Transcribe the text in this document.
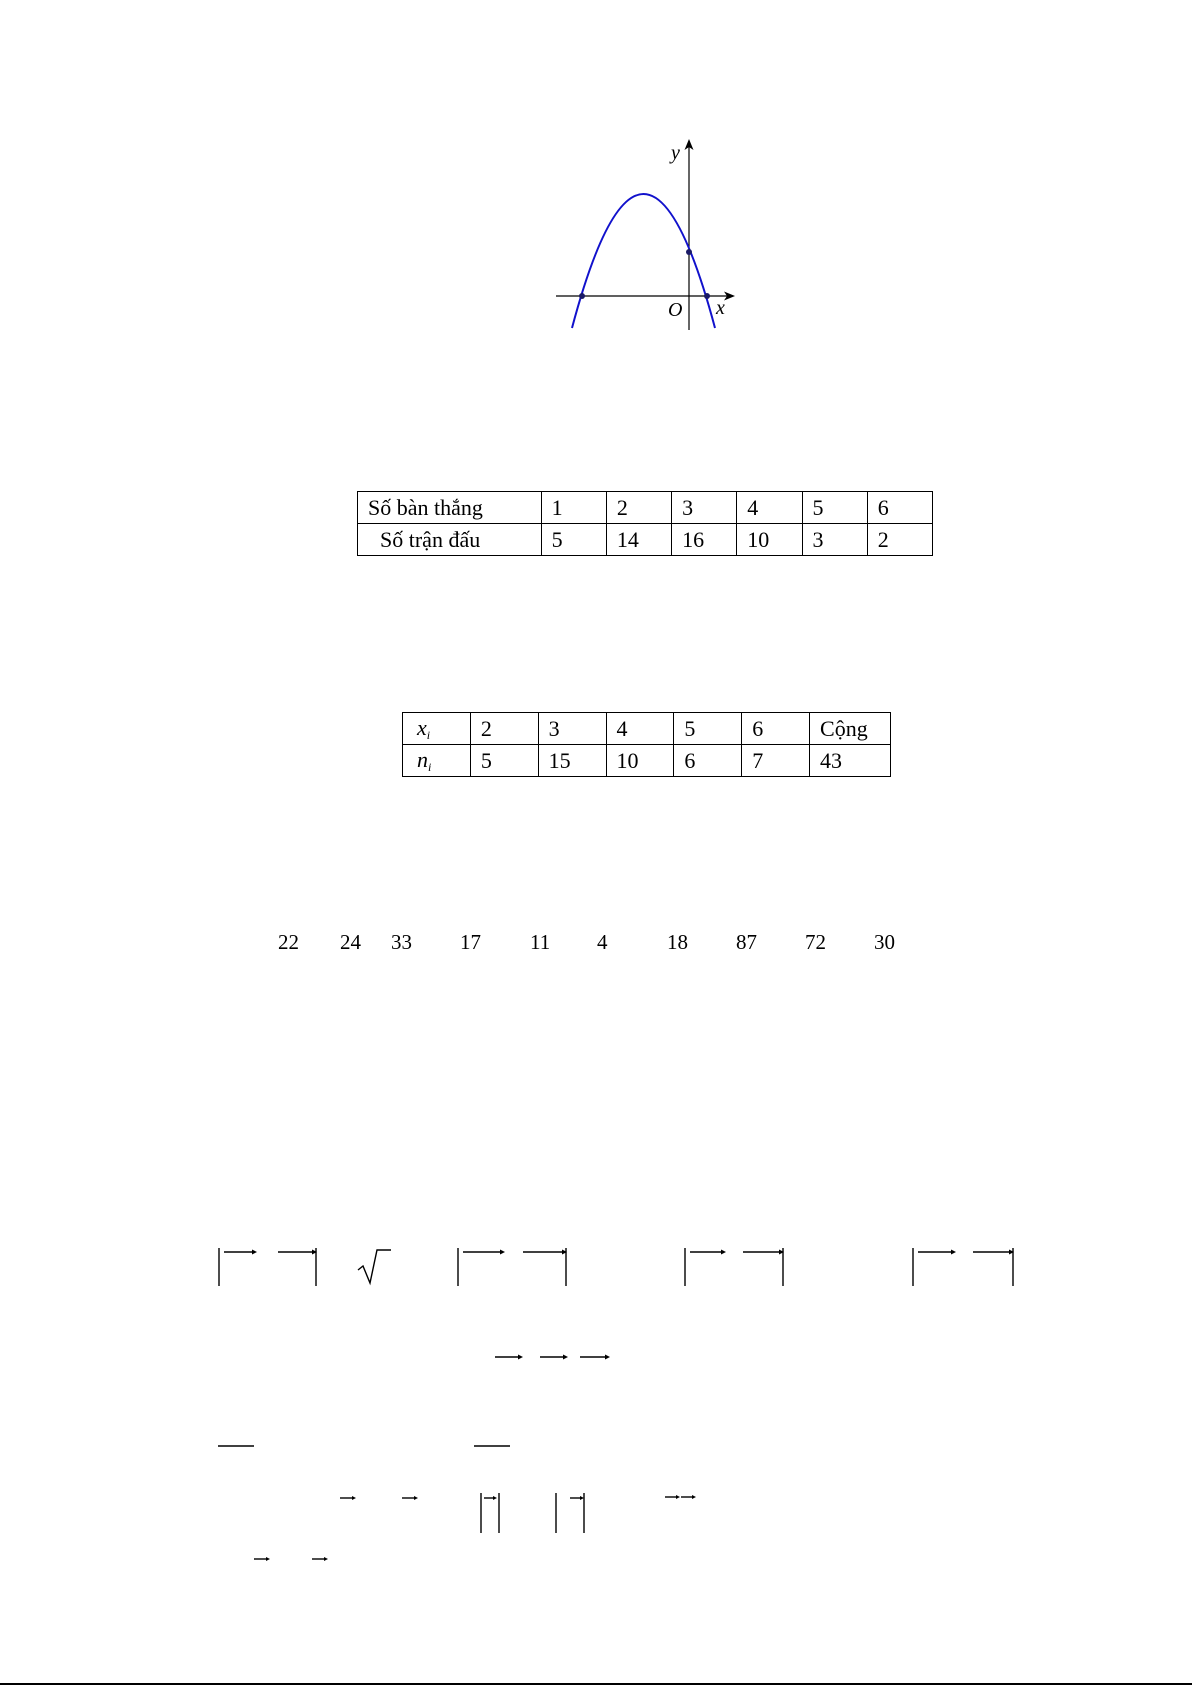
y
x
O
Số bàn thắng	1	2	3	4	5	6
Số trận đấu	5	14	16	10	3	2
xi	2	3	4	5	6	Cộng
ni	5	15	10	6	7	43
22 24 33 17 11 4	18 87 72 30
